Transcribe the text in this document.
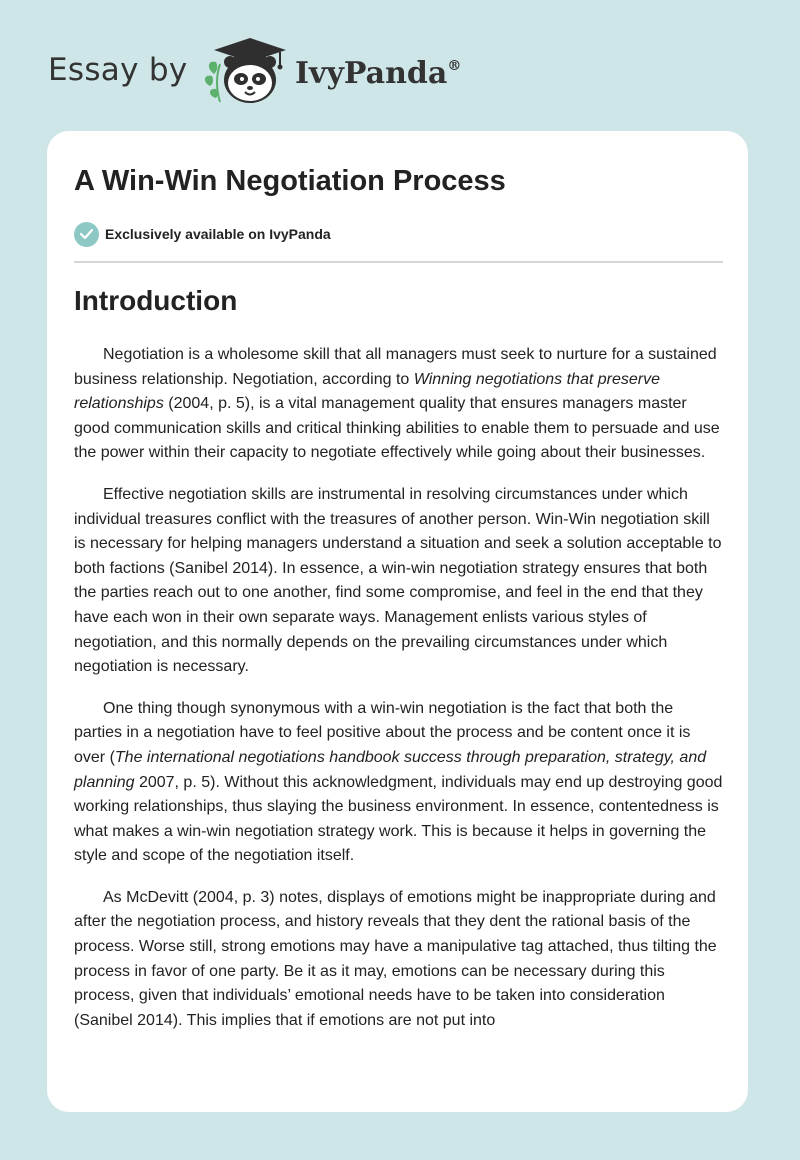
Essay by	IvyPanda®
A Win-Win Negotiation Process
Exclusively available on IvyPanda
Introduction

Negotiation is a wholesome skill that all managers must seek to nurture for a sustained business relationship. Negotiation, according to Winning negotiations that preserve relationships (2004, p. 5), is a vital management quality that ensures managers master good communication skills and critical thinking abilities to enable them to persuade and use the power within their capacity to negotiate effectively while going about their businesses.

Effective negotiation skills are instrumental in resolving circumstances under which individual treasures conflict with the treasures of another person. Win-Win negotiation skill is necessary for helping managers understand a situation and seek a solution acceptable to both factions (Sanibel 2014). In essence, a win-win negotiation strategy ensures that both the parties reach out to one another, find some compromise, and feel in the end that they have each won in their own separate ways. Management enlists various styles of negotiation, and this normally depends on the prevailing circumstances under which negotiation is necessary.

One thing though synonymous with a win-win negotiation is the fact that both the parties in a negotiation have to feel positive about the process and be content once it is over (The international negotiations handbook success through preparation, strategy, and planning 2007, p. 5). Without this acknowledgment, individuals may end up destroying good working relationships, thus slaying the business environment. In essence, contentedness is what makes a win-win negotiation strategy work. This is because it helps in governing the style and scope of the negotiation itself.

As McDevitt (2004, p. 3) notes, displays of emotions might be inappropriate during and after the negotiation process, and history reveals that they dent the rational basis of the process. Worse still, strong emotions may have a manipulative tag attached, thus tilting the process in favor of one party. Be it as it may, emotions can be necessary during this process, given that individuals’ emotional needs have to be taken into consideration (Sanibel 2014). This implies that if emotions are not put into
